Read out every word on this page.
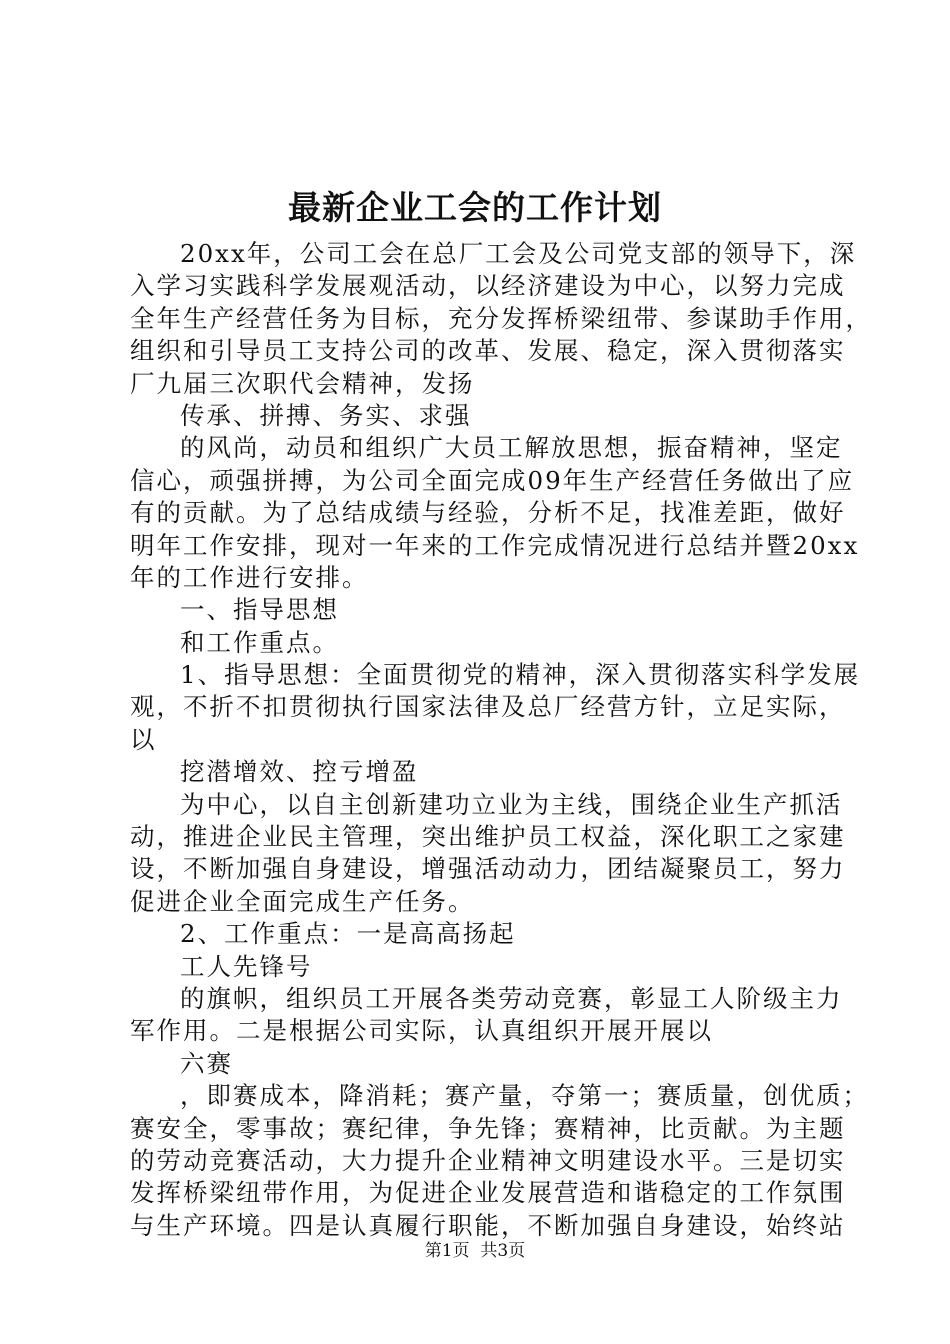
最新企业工会的工作计划
20xx年，公司工会在总厂工会及公司党支部的领导下，深
入学习实践科学发展观活动，以经济建设为中心，以努力完成
全年生产经营任务为目标，充分发挥桥梁纽带、参谋助手作用，
组织和引导员工支持公司的改革、发展、稳定，深入贯彻落实
厂九届三次职代会精神，发扬
传承、拼搏、务实、求强
的风尚，动员和组织广大员工解放思想，振奋精神，坚定
信心，顽强拼搏，为公司全面完成09年生产经营任务做出了应
有的贡献。为了总结成绩与经验，分析不足，找准差距，做好
明年工作安排，现对一年来的工作完成情况进行总结并暨20xx
年的工作进行安排。
一、指导思想
和工作重点。
1、指导思想：全面贯彻党的精神，深入贯彻落实科学发展
观，不折不扣贯彻执行国家法律及总厂经营方针，立足实际，
以
挖潜增效、控亏增盈
为中心，以自主创新建功立业为主线，围绕企业生产抓活
动，推进企业民主管理，突出维护员工权益，深化职工之家建
设，不断加强自身建设，增强活动动力，团结凝聚员工，努力
促进企业全面完成生产任务。
2、工作重点：一是高高扬起
工人先锋号
的旗帜，组织员工开展各类劳动竞赛，彰显工人阶级主力
军作用。二是根据公司实际，认真组织开展开展以
六赛
，即赛成本，降消耗；赛产量，夺第一；赛质量，创优质；
赛安全，零事故；赛纪律，争先锋；赛精神，比贡献。为主题
的劳动竞赛活动，大力提升企业精神文明建设水平。三是切实
发挥桥梁纽带作用，为促进企业发展营造和谐稳定的工作氛围
与生产环境。四是认真履行职能，不断加强自身建设，始终站
第1页  共3页
